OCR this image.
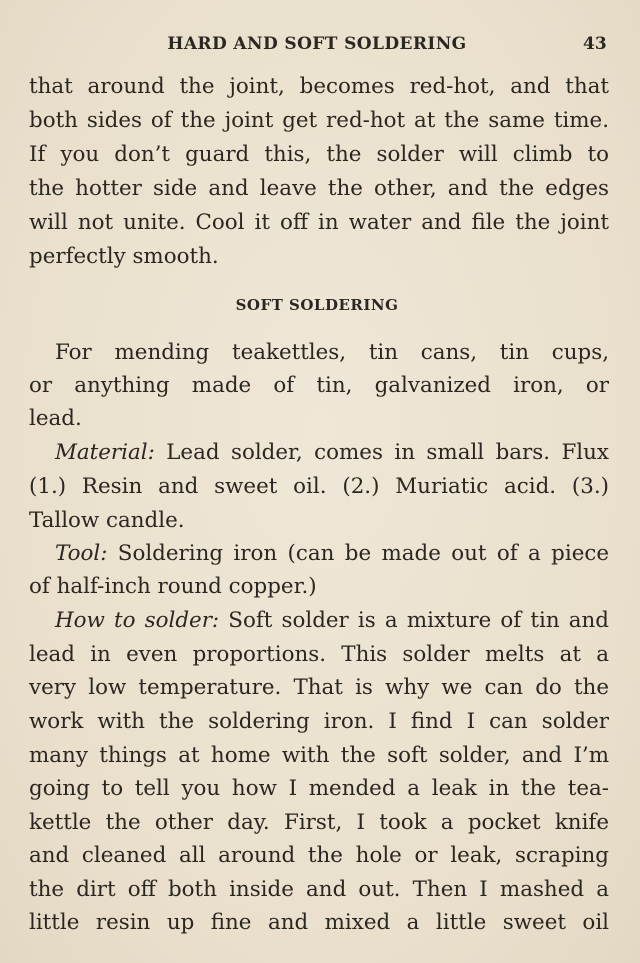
HARD AND SOFT SOLDERING	43
that around the joint, becomes red-hot, and that
both sides of the joint get red-hot at the same time.
If you don’t guard this, the solder will climb to
the hotter side and leave the other, and the edges
will not unite. Cool it off in water and file the joint
perfectly smooth.
SOFT SOLDERING
For mending teakettles, tin cans, tin cups,
or anything made of tin, galvanized iron, or
lead.
Material: Lead solder, comes in small bars. Flux
(1.) Resin and sweet oil. (2.) Muriatic acid. (3.)
Tallow candle.
Tool: Soldering iron (can be made out of a piece
of half-inch round copper.)
How to solder: Soft solder is a mixture of tin and
lead in even proportions. This solder melts at a
very low temperature. That is why we can do the
work with the soldering iron. I find I can solder
many things at home with the soft solder, and I’m
going to tell you how I mended a leak in the tea-
kettle the other day. First, I took a pocket knife
and cleaned all around the hole or leak, scraping
the dirt off both inside and out. Then I mashed a
little resin up fine and mixed a little sweet oil
